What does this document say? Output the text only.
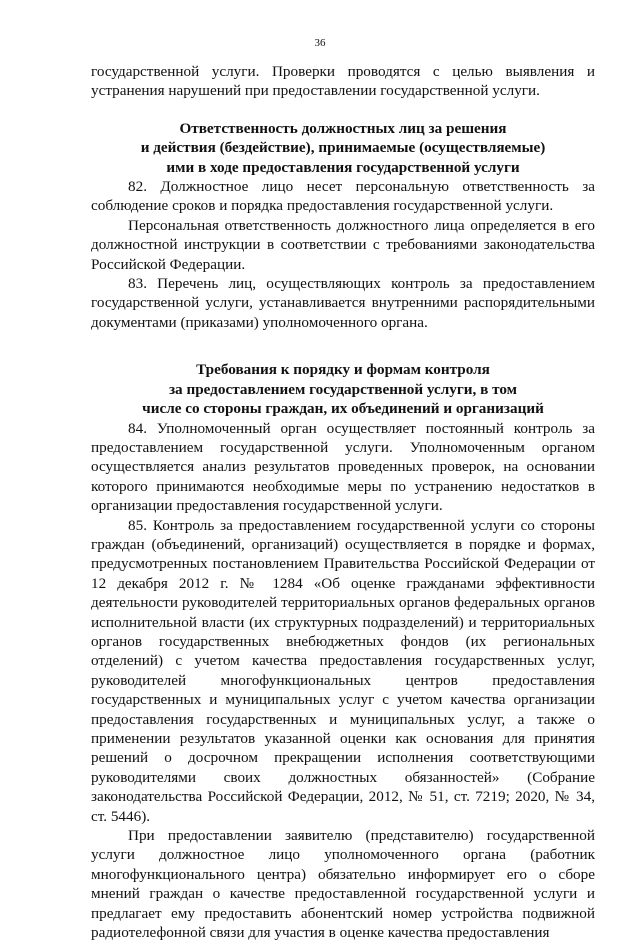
36

государственной услуги. Проверки проводятся с целью выявления и устранения нарушений при предоставлении государственной услуги.

Ответственность должностных лиц за решения
и действия (бездействие), принимаемые (осуществляемые)
ими в ходе предоставления государственной услуги

82. Должностное лицо несет персональную ответственность за соблюдение сроков и порядка предоставления государственной услуги.

Персональная ответственность должностного лица определяется в его должностной инструкции в соответствии с требованиями законодательства Российской Федерации.

83. Перечень лиц, осуществляющих контроль за предоставлением государственной услуги, устанавливается внутренними распорядительными документами (приказами) уполномоченного органа.

Требования к порядку и формам контроля
за предоставлением государственной услуги, в том
числе со стороны граждан, их объединений и организаций

84. Уполномоченный орган осуществляет постоянный контроль за предоставлением государственной услуги. Уполномоченным органом осуществляется анализ результатов проведенных проверок, на основании которого принимаются необходимые меры по устранению недостатков в организации предоставления государственной услуги.

85. Контроль за предоставлением государственной услуги со стороны граждан (объединений, организаций) осуществляется в порядке и формах, предусмотренных постановлением Правительства Российской Федерации от 12 декабря 2012 г. № 1284 «Об оценке гражданами эффективности деятельности руководителей территориальных органов федеральных органов исполнительной власти (их структурных подразделений) и территориальных органов государственных внебюджетных фондов (их региональных отделений) с учетом качества предоставления государственных услуг, руководителей многофункциональных центров предоставления государственных и муниципальных услуг с учетом качества организации предоставления государственных и муниципальных услуг, а также о применении результатов указанной оценки как основания для принятия решений о досрочном прекращении исполнения соответствующими руководителями своих должностных обязанностей» (Собрание законодательства Российской Федерации, 2012, № 51, ст. 7219; 2020, № 34, ст. 5446).

При предоставлении заявителю (представителю) государственной услуги должностное лицо уполномоченного органа (работник многофункционального центра) обязательно информирует его о сборе мнений граждан о качестве предоставленной государственной услуги и предлагает ему предоставить абонентский номер устройства подвижной радиотелефонной связи для участия в оценке качества предоставления
